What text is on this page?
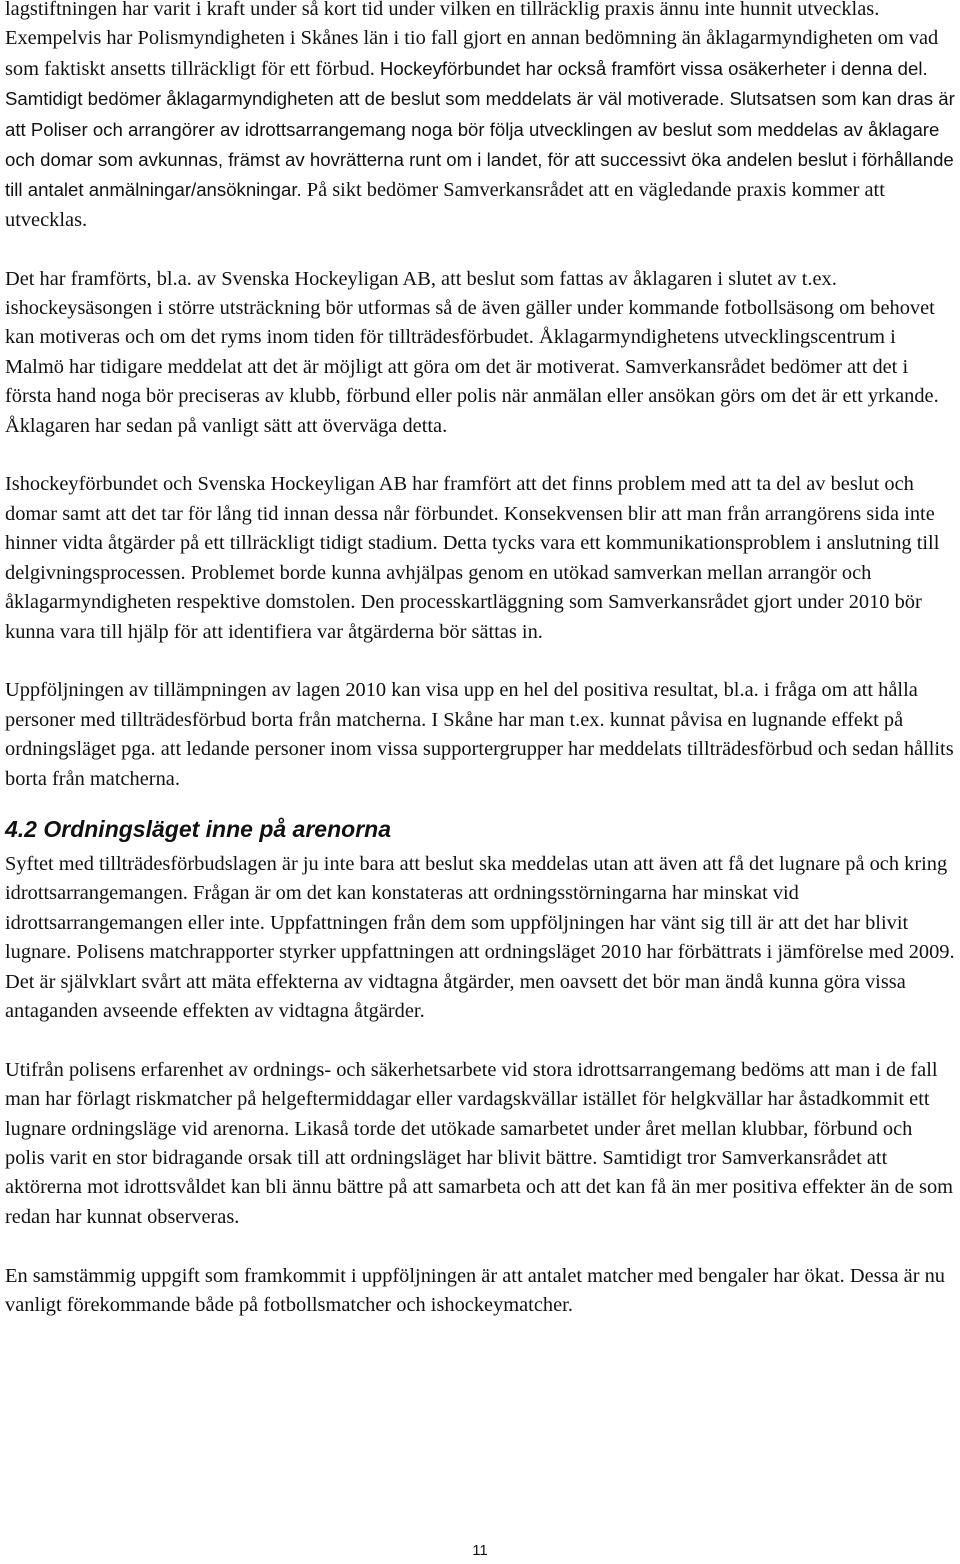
lagstiftningen har varit i kraft under så kort tid under vilken en tillräcklig praxis ännu inte hunnit utvecklas. Exempelvis har Polismyndigheten i Skånes län i tio fall gjort en annan bedömning än åklagarmyndigheten om vad som faktiskt ansetts tillräckligt för ett förbud. Hockeyförbundet har också framfört vissa osäkerheter i denna del. Samtidigt bedömer åklagarmyndigheten att de beslut som meddelats är väl motiverade. Slutsatsen som kan dras är att Poliser och arrangörer av idrottsarrangemang noga bör följa utvecklingen av beslut som meddelas av åklagare och domar som avkunnas, främst av hovrätterna runt om i landet, för att successivt öka andelen beslut i förhållande till antalet anmälningar/ansökningar. På sikt bedömer Samverkansrådet att en vägledande praxis kommer att utvecklas.

Det har framförts, bl.a. av Svenska Hockeyligan AB, att beslut som fattas av åklagaren i slutet av t.ex. ishockeysäsongen i större utsträckning bör utformas så de även gäller under kommande fotbollsäsong om behovet kan motiveras och om det ryms inom tiden för tillträdesförbudet. Åklagarmyndighetens utvecklingscentrum i Malmö har tidigare meddelat att det är möjligt att göra om det är motiverat. Samverkansrådet bedömer att det i första hand noga bör preciseras av klubb, förbund eller polis när anmälan eller ansökan görs om det är ett yrkande. Åklagaren har sedan på vanligt sätt att överväga detta.

Ishockeyförbundet och Svenska Hockeyligan AB har framfört att det finns problem med att ta del av beslut och domar samt att det tar för lång tid innan dessa når förbundet. Konsekvensen blir att man från arrangörens sida inte hinner vidta åtgärder på ett tillräckligt tidigt stadium. Detta tycks vara ett kommunikationsproblem i anslutning till delgivningsprocessen. Problemet borde kunna avhjälpas genom en utökad samverkan mellan arrangör och åklagarmyndigheten respektive domstolen. Den processkartläggning som Samverkansrådet gjort under 2010 bör kunna vara till hjälp för att identifiera var åtgärderna bör sättas in.

Uppföljningen av tillämpningen av lagen 2010 kan visa upp en hel del positiva resultat, bl.a. i fråga om att hålla personer med tillträdesförbud borta från matcherna. I Skåne har man t.ex. kunnat påvisa en lugnande effekt på ordningsläget pga. att ledande personer inom vissa supportergrupper har meddelats tillträdesförbud och sedan hållits borta från matcherna.

4.2 Ordningsläget inne på arenorna

Syftet med tillträdesförbudslagen är ju inte bara att beslut ska meddelas utan att även att få det lugnare på och kring idrottsarrangemangen. Frågan är om det kan konstateras att ordningsstörningarna har minskat vid idrottsarrangemangen eller inte. Uppfattningen från dem som uppföljningen har vänt sig till är att det har blivit lugnare. Polisens matchrapporter styrker uppfattningen att ordningsläget 2010 har förbättrats i jämförelse med 2009. Det är självklart svårt att mäta effekterna av vidtagna åtgärder, men oavsett det bör man ändå kunna göra vissa antaganden avseende effekten av vidtagna åtgärder.

Utifrån polisens erfarenhet av ordnings- och säkerhetsarbete vid stora idrottsarrangemang bedöms att man i de fall man har förlagt riskmatcher på helgeftermiddagar eller vardagskvällar istället för helgkvällar har åstadkommit ett lugnare ordningsläge vid arenorna. Likaså torde det utökade samarbetet under året mellan klubbar, förbund och polis varit en stor bidragande orsak till att ordningsläget har blivit bättre. Samtidigt tror Samverkansrådet att aktörerna mot idrottsvåldet kan bli ännu bättre på att samarbeta och att det kan få än mer positiva effekter än de som redan har kunnat observeras.

En samstämmig uppgift som framkommit i uppföljningen är att antalet matcher med bengaler har ökat. Dessa är nu vanligt förekommande både på fotbollsmatcher och ishockeymatcher.

11
